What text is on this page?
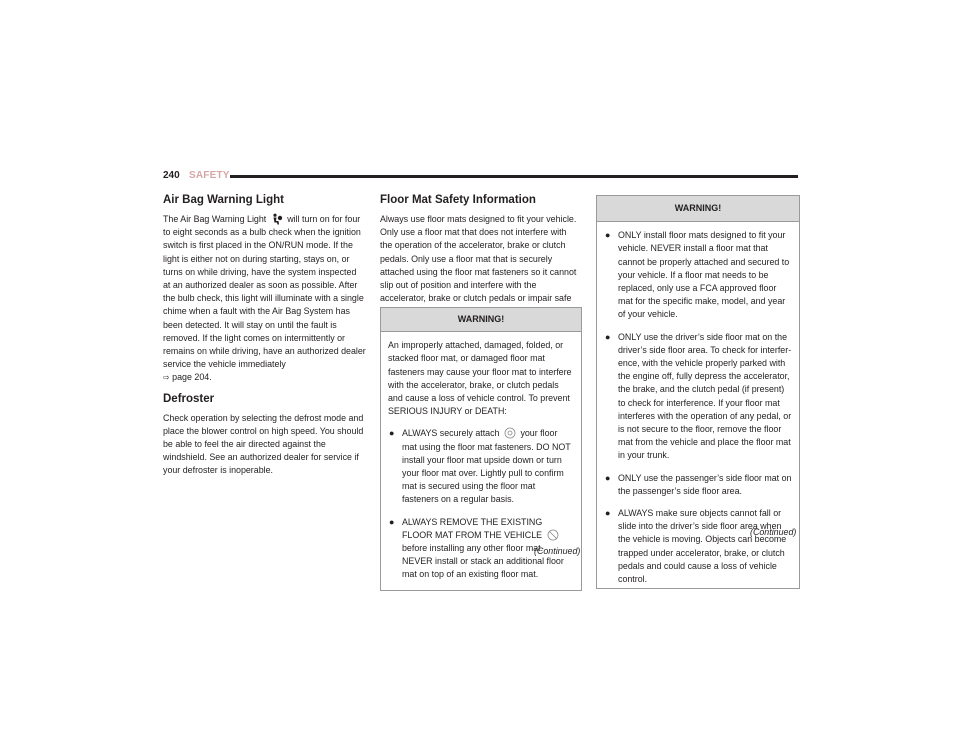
240 SAFETY
Air Bag Warning Light

The Air Bag Warning Light will turn on for four to eight seconds as a bulb check when the ignition switch is first placed in the ON/RUN mode. If the light is either not on during starting, stays on, or turns on while driving, have the system inspected at an authorized dealer as soon as possible. After the bulb check, this light will illuminate with a single chime when a fault with the Air Bag System has been detected. It will stay on until the fault is removed. If the light comes on intermittently or remains on while driving, have an authorized dealer service the vehicle immediately
⇨ page 204.

Defroster

Check operation by selecting the defrost mode and place the blower control on high speed. You should be able to feel the air directed against the windshield. See an authorized dealer for service if your defroster is inoperable.

Floor Mat Safety Information

Always use floor mats designed to fit your vehicle. Only use a floor mat that does not interfere with the operation of the accelerator, brake or clutch pedals. Only use a floor mat that is securely attached using the floor mat fasteners so it cannot slip out of position and interfere with the accelerator, brake or clutch pedals or impair safe

WARNING!

An improperly attached, damaged, folded, or stacked floor mat, or damaged floor mat fasteners may cause your floor mat to interfere with the accelerator, brake, or clutch pedals and cause a loss of vehicle control. To prevent SERIOUS INJURY or DEATH:

● ALWAYS securely attach your floor mat using the floor mat fasteners. DO NOT install your floor mat upside down or turn your floor mat over. Lightly pull to confirm mat is secured using the floor mat fasteners on a regular basis.
● ALWAYS REMOVE THE EXISTING FLOOR MAT FROM THE VEHICLE  before installing any other floor mat. NEVER install or stack an additional floor mat on top of an existing floor mat.
(Continued)
WARNING!
● ONLY install floor mats designed to fit your vehicle. NEVER install a floor mat that cannot be properly attached and secured to your vehicle. If a floor mat needs to be replaced, only use a FCA approved floor mat for the specific make, model, and year of your vehicle.
● ONLY use the driver’s side floor mat on the driver’s side floor area. To check for interference, with the vehicle properly parked with the engine off, fully depress the accelerator, the brake, and the clutch pedal (if present) to check for interference. If your floor mat interferes with the operation of any pedal, or is not secure to the floor, remove the floor mat from the vehicle and place the floor mat in your trunk.
● ONLY use the passenger’s side floor mat on the passenger’s side floor area.
● ALWAYS make sure objects cannot fall or slide into the driver’s side floor area when the vehicle is moving. Objects can become trapped under accelerator, brake, or clutch pedals and could cause a loss of vehicle control.
(Continued)
